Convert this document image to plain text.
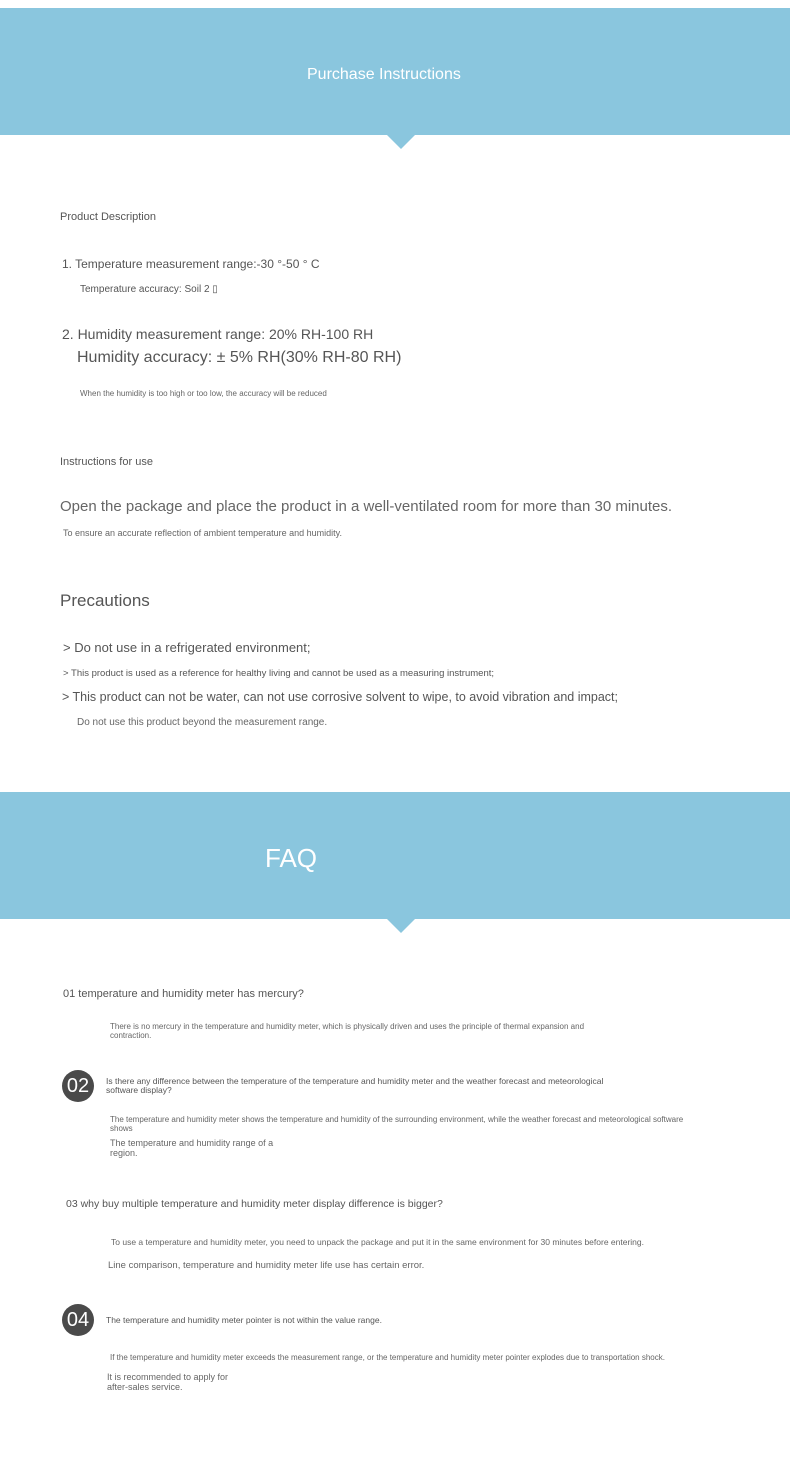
Purchase Instructions
Product Description
1. Temperature measurement range:-30 °-50 ° C
Temperature accuracy: Soil 2 ▯
2. Humidity measurement range: 20% RH-100 RH
Humidity accuracy: ± 5% RH(30% RH-80 RH)
When the humidity is too high or too low, the accuracy will be reduced
Instructions for use
Open the package and place the product in a well-ventilated room for more than 30 minutes.
To ensure an accurate reflection of ambient temperature and humidity.
Precautions
> Do not use in a refrigerated environment;
> This product is used as a reference for healthy living and cannot be used as a measuring instrument;
> This product can not be water, can not use corrosive solvent to wipe, to avoid vibration and impact;
Do not use this product beyond the measurement range.
FAQ
01 temperature and humidity meter has mercury?
There is no mercury in the temperature and humidity meter, which is physically driven and uses the principle of thermal expansion and contraction.
02	Is there any difference between the temperature of the temperature and humidity meter and the weather forecast and meteorological software display?
The temperature and humidity meter shows the temperature and humidity of the surrounding environment, while the weather forecast and meteorological software shows
The temperature and humidity range of a region.
03 why buy multiple temperature and humidity meter display difference is bigger?
To use a temperature and humidity meter, you need to unpack the package and put it in the same environment for 30 minutes before entering.
Line comparison, temperature and humidity meter life use has certain error.
04	The temperature and humidity meter pointer is not within the value range.
If the temperature and humidity meter exceeds the measurement range, or the temperature and humidity meter pointer explodes due to transportation shock.
It is recommended to apply for after-sales service.
